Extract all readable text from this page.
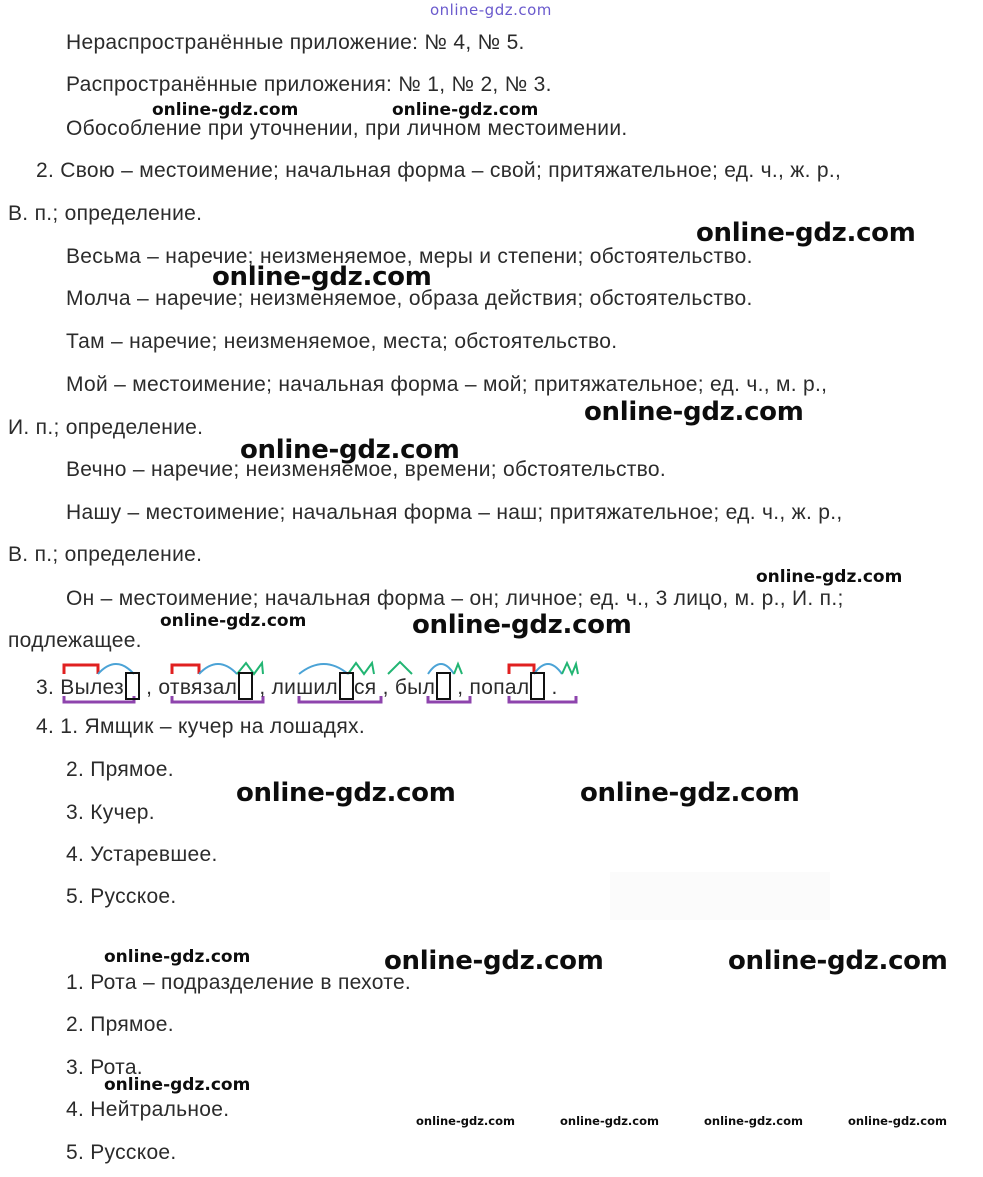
online-gdz.com
Нераспространённые приложение: № 4, № 5.
Распространённые приложения: № 1, № 2, № 3.
Обособление при уточнении, при личном местоимении.
2. Свою – местоимение; начальная форма – свой; притяжательное; ед. ч., ж. р.,
В. п.; определение.
Весьма – наречие; неизменяемое, меры и степени; обстоятельство.
Молча – наречие; неизменяемое, образа действия; обстоятельство.
Там – наречие; неизменяемое, места; обстоятельство.
Мой – местоимение; начальная форма – мой; притяжательное; ед. ч., м. р.,
И. п.; определение.
Вечно – наречие; неизменяемое, времени; обстоятельство.
Нашу – местоимение; начальная форма – наш; притяжательное; ед. ч., ж. р.,
В. п.; определение.
Он – местоимение; начальная форма – он; личное; ед. ч., 3 лицо, м. р., И. п.;
подлежащее.
3. Вылез , отвязал , лишил ся , был , попал .
4. 1. Ямщик – кучер на лошадях.
2. Прямое.
3. Кучер.
4. Устаревшее.
5. Русское.
1. Рота – подразделение в пехоте.
2. Прямое.
3. Рота.
4. Нейтральное.
5. Русское.
online-gdz.com	online-gdz.com
online-gdz.com
online-gdz.com
online-gdz.com
online-gdz.com
online-gdz.com
online-gdz.com	online-gdz.com
online-gdz.com	online-gdz.com
online-gdz.com	online-gdz.com	online-gdz.com
online-gdz.com
online-gdz.com	online-gdz.com	online-gdz.com	online-gdz.com
